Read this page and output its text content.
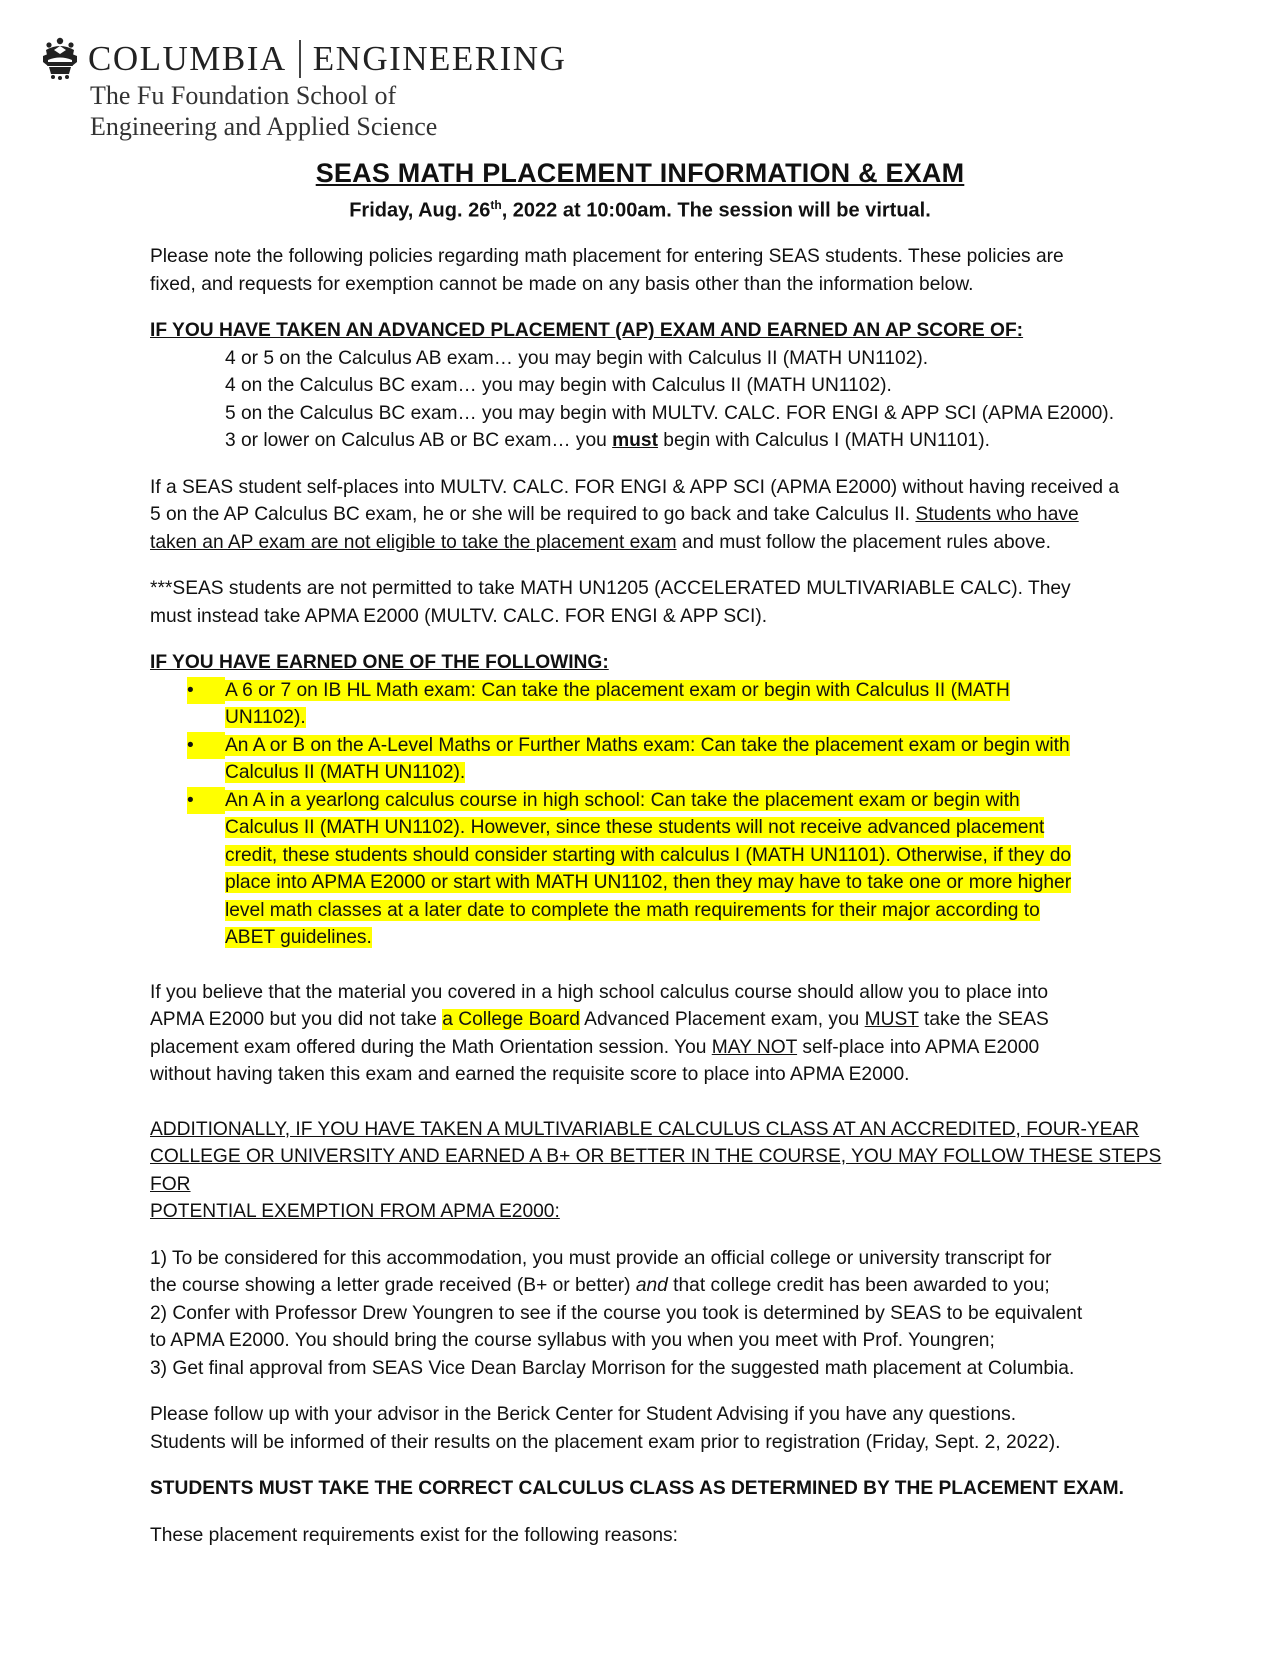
COLUMBIA ENGINEERING
The Fu Foundation School of
Engineering and Applied Science
SEAS MATH PLACEMENT INFORMATION & EXAM
Friday, Aug. 26th, 2022 at 10:00am. The session will be virtual.

Please note the following policies regarding math placement for entering SEAS students. These policies are
fixed, and requests for exemption cannot be made on any basis other than the information below.

IF YOU HAVE TAKEN AN ADVANCED PLACEMENT (AP) EXAM AND EARNED AN AP SCORE OF:
4 or 5 on the Calculus AB exam… you may begin with Calculus II (MATH UN1102).
4 on the Calculus BC exam… you may begin with Calculus II (MATH UN1102).
5 on the Calculus BC exam… you may begin with MULTV. CALC. FOR ENGI & APP SCI (APMA E2000).
3 or lower on Calculus AB or BC exam… you must begin with Calculus I (MATH UN1101).

If a SEAS student self-places into MULTV. CALC. FOR ENGI & APP SCI (APMA E2000) without having received a
5 on the AP Calculus BC exam, he or she will be required to go back and take Calculus II. Students who have
taken an AP exam are not eligible to take the placement exam and must follow the placement rules above.

***SEAS students are not permitted to take MATH UN1205 (ACCELERATED MULTIVARIABLE CALC). They
must instead take APMA E2000 (MULTV. CALC. FOR ENGI & APP SCI).

IF YOU HAVE EARNED ONE OF THE FOLLOWING:
•	A 6 or 7 on IB HL Math exam: Can take the placement exam or begin with Calculus II (MATH
UN1102).
•	An A or B on the A-Level Maths or Further Maths exam: Can take the placement exam or begin with
Calculus II (MATH UN1102).
•	An A in a yearlong calculus course in high school: Can take the placement exam or begin with
Calculus II (MATH UN1102). However, since these students will not receive advanced placement
credit, these students should consider starting with calculus I (MATH UN1101). Otherwise, if they do
place into APMA E2000 or start with MATH UN1102, then they may have to take one or more higher
level math classes at a later date to complete the math requirements for their major according to
ABET guidelines.

If you believe that the material you covered in a high school calculus course should allow you to place into
APMA E2000 but you did not take a College Board Advanced Placement exam, you MUST take the SEAS
placement exam offered during the Math Orientation session. You MAY NOT self-place into APMA E2000
without having taken this exam and earned the requisite score to place into APMA E2000.

ADDITIONALLY, IF YOU HAVE TAKEN A MULTIVARIABLE CALCULUS CLASS AT AN ACCREDITED, FOUR-YEAR
COLLEGE OR UNIVERSITY AND EARNED A B+ OR BETTER IN THE COURSE, YOU MAY FOLLOW THESE STEPS FOR
POTENTIAL EXEMPTION FROM APMA E2000:

1) To be considered for this accommodation, you must provide an official college or university transcript for
the course showing a letter grade received (B+ or better) and that college credit has been awarded to you;
2) Confer with Professor Drew Youngren to see if the course you took is determined by SEAS to be equivalent
to APMA E2000. You should bring the course syllabus with you when you meet with Prof. Youngren;
3) Get final approval from SEAS Vice Dean Barclay Morrison for the suggested math placement at Columbia.

Please follow up with your advisor in the Berick Center for Student Advising if you have any questions.
Students will be informed of their results on the placement exam prior to registration (Friday, Sept. 2, 2022).

STUDENTS MUST TAKE THE CORRECT CALCULUS CLASS AS DETERMINED BY THE PLACEMENT EXAM.

These placement requirements exist for the following reasons:
